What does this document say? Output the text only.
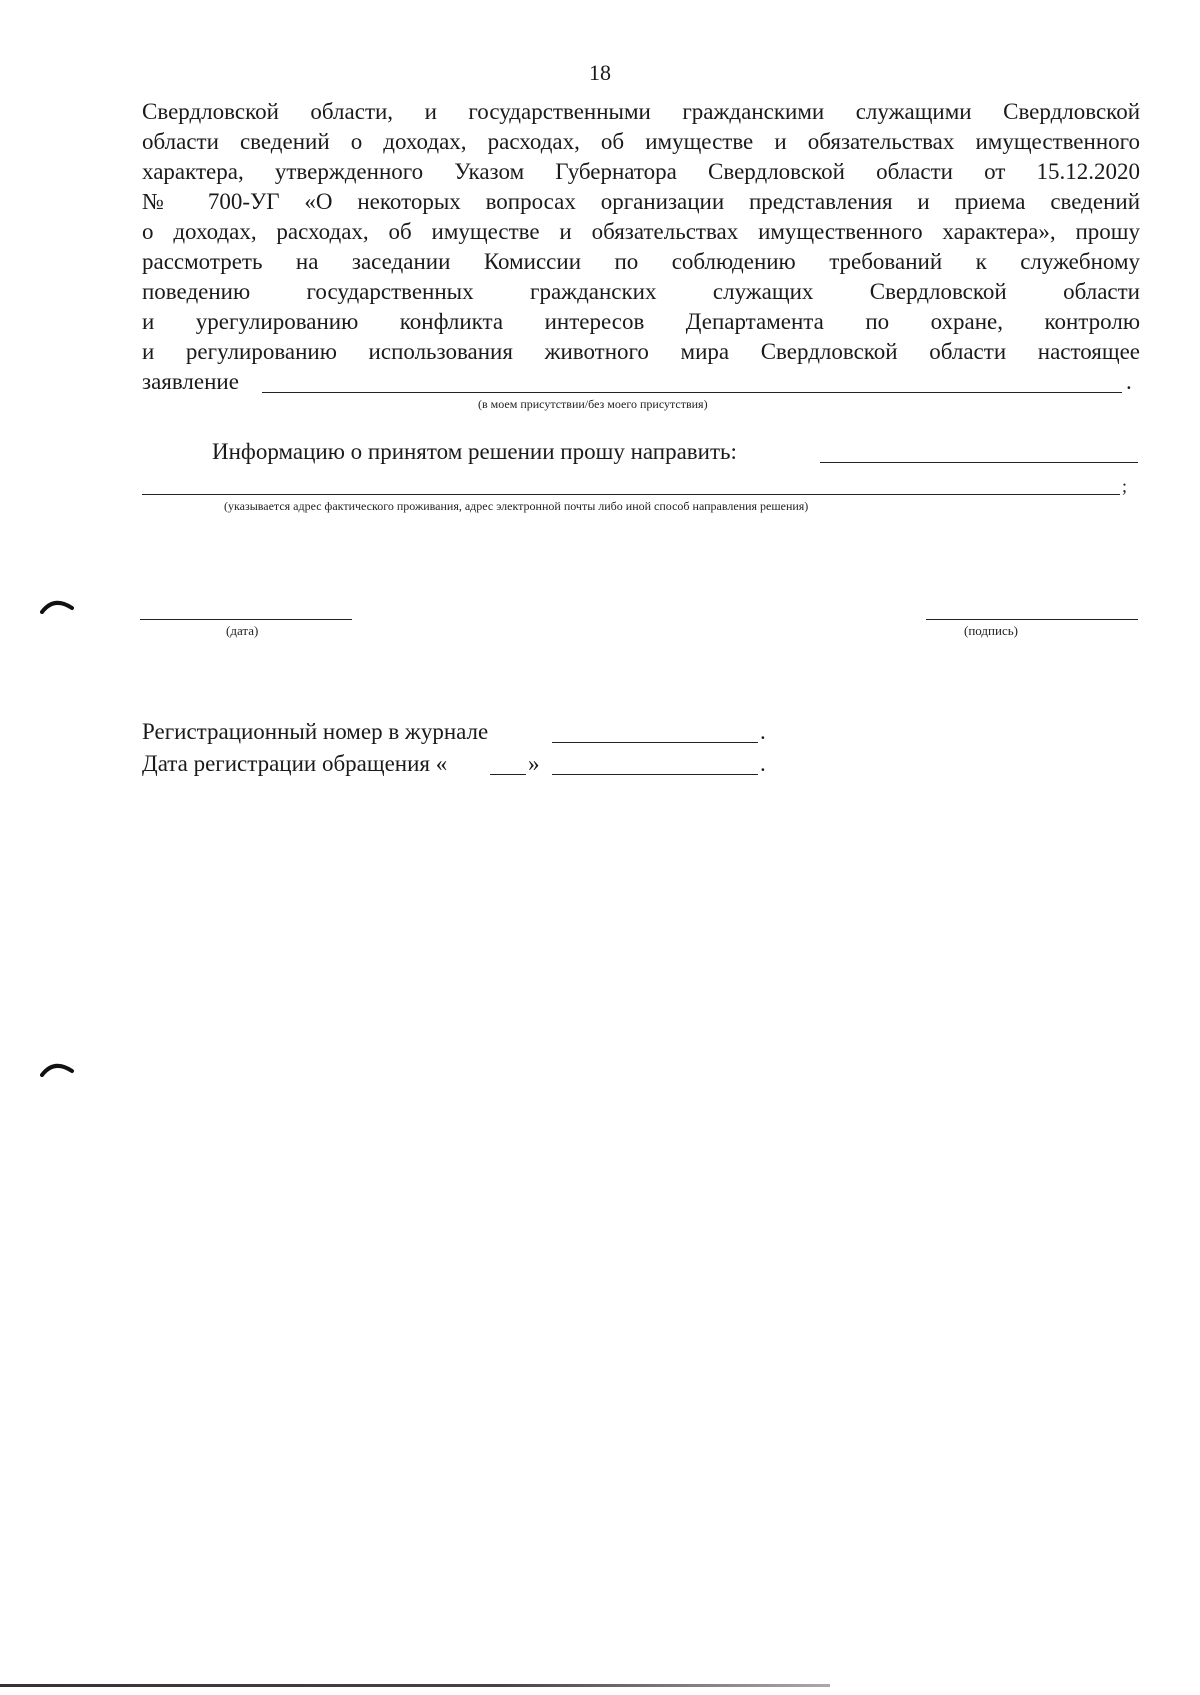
18
Свердловской области, и государственными гражданскими служащими Свердловской
области сведений о доходах, расходах, об имуществе и обязательствах имущественного
характера, утвержденного Указом Губернатора Свердловской области от 15.12.2020
№ 700-УГ «О некоторых вопросах организации представления и приема сведений
о доходах, расходах, об имуществе и обязательствах имущественного характера», прошу
рассмотреть на заседании Комиссии по соблюдению требований к служебному
поведению государственных гражданских служащих Свердловской области
и урегулированию конфликта интересов Департамента по охране, контролю
и регулированию использования животного мира Свердловской области настоящее
заявление	.
(в моем присутствии/без моего присутствия)
Информацию о принятом решении прошу направить:
;
(указывается адрес фактического проживания, адрес электронной почты либо иной способ направления решения)
(дата)	(подпись)
Регистрационный номер в журнале	.
Дата регистрации обращения «	»	.
